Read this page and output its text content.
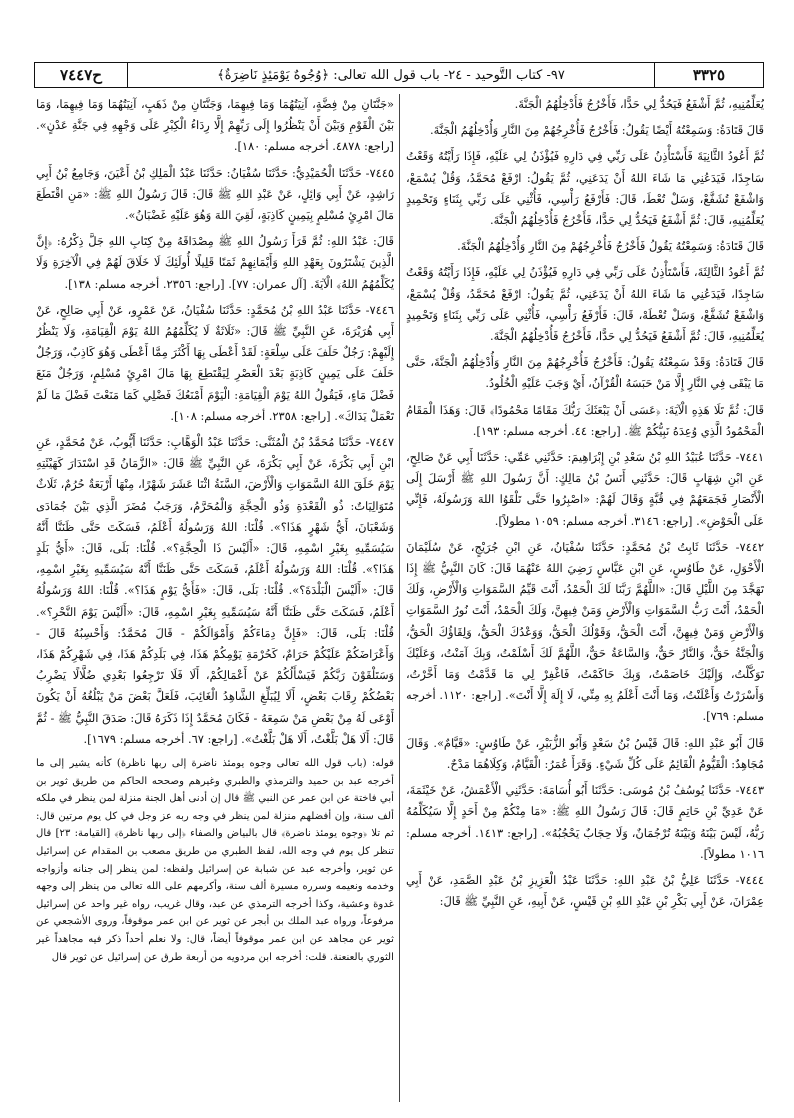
٣٣٢٥
٩٧- كتاب التَّوحيد - ٢٤- باب قول الله تعالى: ﴿وُجُوهٌ يَوْمَئِذٍ نَاضِرَةٌ﴾
ح٧٤٤٧

يُعَلِّمُنِيهِ، ثُمَّ أَشْفَعُ فَيَحُدُّ لِي حَدًّا، فَأَخْرُجُ فَأُدْخِلُهُمُ الْجَنَّةَ.

قَالَ قَتَادَةُ: وَسَمِعْتُهُ أَيْضًا يَقُولُ: فَأَخْرُجُ فَأُخْرِجُهُمْ مِنَ النَّارِ وَأُدْخِلُهُمُ الْجَنَّةَ.

ثُمَّ أَعُودُ الثَّانِيَةَ فَأَسْتَأْذِنُ عَلَى رَبِّي فِي دَارِهِ فَيُؤْذَنُ لِي عَلَيْهِ، فَإِذَا رَأَيْتُهُ وَقَعْتُ سَاجِدًا، فَيَدَعُنِي مَا شَاءَ اللهُ أَنْ يَدَعَنِي، ثُمَّ يَقُولُ: ارْفَعْ مُحَمَّدُ، وَقُلْ يُسْمَعْ، وَاشْفَعْ تُشَفَّعْ، وَسَلْ تُعْطَ، قَالَ: فَأَرْفَعُ رَأْسِي، فَأُثْنِي عَلَى رَبِّي بِثَنَاءٍ وَتَحْمِيدٍ يُعَلِّمُنِيهِ، قَالَ: ثُمَّ أَشْفَعُ فَيَحُدُّ لِي حَدًّا، فَأَخْرُجُ فَأُدْخِلُهُمُ الْجَنَّةَ.

قَالَ قَتَادَةُ: وَسَمِعْتُهُ يَقُولُ فَأَخْرُجُ فَأُخْرِجُهُمْ مِنَ النَّارِ وَأُدْخِلُهُمُ الْجَنَّةَ.

ثُمَّ أَعُودُ الثَّالِثَةَ، فَأَسْتَأْذِنُ عَلَى رَبِّي فِي دَارِهِ فَيُؤْذَنُ لِي عَلَيْهِ، فَإِذَا رَأَيْتُهُ وَقَعْتُ سَاجِدًا، فَيَدَعُنِي مَا شَاءَ اللهُ أَنْ يَدَعَنِي، ثُمَّ يَقُولُ: ارْفَعْ مُحَمَّدُ، وَقُلْ يُسْمَعْ، وَاشْفَعْ تُشَفَّعْ، وَسَلْ تُعْطَهْ، قَالَ: فَأَرْفَعُ رَأْسِي، فَأُثْنِي عَلَى رَبِّي بِثَنَاءٍ وَتَحْمِيدٍ يُعَلِّمُنِيهِ، قَالَ: ثُمَّ أَشْفَعُ فَيَحُدُّ لِي حَدًّا، فَأَخْرُجُ فَأُدْخِلُهُمُ الْجَنَّةَ.

قَالَ قَتَادَةُ: وَقَدْ سَمِعْتُهُ يَقُولُ: فَأَخْرُجُ فَأُخْرِجُهُمْ مِنَ النَّارِ وَأُدْخِلُهُمُ الْجَنَّةَ، حَتَّى مَا يَبْقَى فِي النَّارِ إِلَّا مَنْ حَبَسَهُ الْقُرْآنُ، أَيْ وَجَبَ عَلَيْهِ الْخُلُودُ.

قَالَ: ثُمَّ تَلَا هَذِهِ الْآيَةَ: ﴿عَسَى أَنْ يَبْعَثَكَ رَبُّكَ مَقَامًا مَحْمُودًا﴾ قَالَ: وَهَذَا الْمَقَامُ الْمَحْمُودُ الَّذِي وُعِدَهُ نَبِيُّكُمْ ﷺ. [راجع: ٤٤. أخرجه مسلم: ١٩٣].

٧٤٤١- حَدَّثَنَا عُبَيْدُ اللهِ بْنُ سَعْدِ بْنِ إِبْرَاهِيمَ: حَدَّثَنِي عَمِّي: حَدَّثَنَا أَبِي عَنْ صَالِحٍ، عَنِ ابْنِ شِهَابٍ قَالَ: حَدَّثَنِي أَنَسُ بْنُ مَالِكٍ: أَنَّ رَسُولَ اللهِ ﷺ أَرْسَلَ إِلَى الْأَنْصَارِ فَجَمَعَهُمْ فِي قُبَّةٍ وَقَالَ لَهُمْ: «اصْبِرُوا حَتَّى تَلْقَوُا اللهَ وَرَسُولَهُ، فَإِنِّي عَلَى الْحَوْضِ». [راجع: ٣١٤٦. أخرجه مسلم: ١٠٥٩ مطولاً].

٧٤٤٢- حَدَّثَنَا ثَابِتُ بْنُ مُحَمَّدٍ: حَدَّثَنَا سُفْيَانُ، عَنِ ابْنِ جُرَيْجٍ، عَنْ سُلَيْمَانَ الْأَحْوَلِ، عَنْ طَاوُسٍ، عَنِ ابْنِ عَبَّاسٍ رَضِيَ اللهُ عَنْهُمَا قَالَ: كَانَ النَّبِيُّ ﷺ إِذَا تَهَجَّدَ مِنَ اللَّيْلِ قَالَ: «اللَّهُمَّ رَبَّنَا لَكَ الْحَمْدُ، أَنْتَ قَيِّمُ السَّمَوَاتِ وَالْأَرْضِ، وَلَكَ الْحَمْدُ، أَنْتَ رَبُّ السَّمَوَاتِ وَالْأَرْضِ وَمَنْ فِيهِنَّ، وَلَكَ الْحَمْدُ، أَنْتَ نُورُ السَّمَوَاتِ وَالْأَرْضِ وَمَنْ فِيهِنَّ، أَنْتَ الْحَقُّ، وَقَوْلُكَ الْحَقُّ، وَوَعْدُكَ الْحَقُّ، وَلِقَاؤُكَ الْحَقُّ، وَالْجَنَّةُ حَقٌّ، وَالنَّارُ حَقٌّ، وَالسَّاعَةُ حَقٌّ، اللَّهُمَّ لَكَ أَسْلَمْتُ، وَبِكَ آمَنْتُ، وَعَلَيْكَ تَوَكَّلْتُ، وَإِلَيْكَ خَاصَمْتُ، وَبِكَ حَاكَمْتُ، فَاغْفِرْ لِي مَا قَدَّمْتُ وَمَا أَخَّرْتُ، وَأَسْرَرْتُ وَأَعْلَنْتُ، وَمَا أَنْتَ أَعْلَمُ بِهِ مِنِّي، لَا إِلَهَ إِلَّا أَنْتَ». [راجع: ١١٢٠. أخرجه مسلم: ٧٦٩].

قَالَ أَبُو عَبْدِ اللهِ: قَالَ قَيْسُ بْنُ سَعْدٍ وَأَبُو الزُّبَيْرِ، عَنْ طَاوُسٍ: «قَيَّامٌ». وَقَالَ مُجَاهِدٌ: الْقَيُّومُ الْقَائِمُ عَلَى كُلِّ شَيْءٍ. وَقَرَأَ عُمَرُ: الْقَيَّامُ، وَكِلَاهُمَا مَدْحٌ.

٧٤٤٣- حَدَّثَنَا يُوسُفُ بْنُ مُوسَى: حَدَّثَنَا أَبُو أُسَامَةَ: حَدَّثَنِي الْأَعْمَشُ، عَنْ خَيْثَمَةَ، عَنْ عَدِيِّ بْنِ حَاتِمٍ قَالَ: قَالَ رَسُولُ اللهِ ﷺ: «مَا مِنْكُمْ مِنْ أَحَدٍ إِلَّا سَيُكَلِّمُهُ رَبُّهُ، لَيْسَ بَيْنَهُ وَبَيْنَهُ تُرْجُمَانٌ، وَلَا حِجَابٌ يَحْجُبُهُ». [راجع: ١٤١٣. أخرجه مسلم: ١٠١٦ مطولاً].

٧٤٤٤- حَدَّثَنَا عَلِيُّ بْنُ عَبْدِ اللهِ: حَدَّثَنَا عَبْدُ الْعَزِيزِ بْنُ عَبْدِ الصَّمَدِ، عَنْ أَبِي عِمْرَانَ، عَنْ أَبِي بَكْرِ بْنِ عَبْدِ اللهِ بْنِ قَيْسٍ، عَنْ أَبِيهِ، عَنِ النَّبِيِّ ﷺ قَالَ:

«جَنَّتَانِ مِنْ فِضَّةٍ، آنِيَتُهُمَا وَمَا فِيهِمَا، وَجَنَّتَانِ مِنْ ذَهَبٍ، آنِيَتُهُمَا وَمَا فِيهِمَا، وَمَا بَيْنَ الْقَوْمِ وَبَيْنَ أَنْ يَنْظُرُوا إِلَى رَبِّهِمْ إِلَّا رِدَاءُ الْكِبْرِ عَلَى وَجْهِهِ فِي جَنَّةِ عَدْنٍ». [راجع: ٤٨٧٨. أخرجه مسلم: ١٨٠].

٧٤٤٥- حَدَّثَنَا الْحُمَيْدِيُّ: حَدَّثَنَا سُفْيَانُ: حَدَّثَنَا عَبْدُ الْمَلِكِ بْنُ أَعْيَنَ، وَجَامِعُ بْنُ أَبِي رَاشِدٍ، عَنْ أَبِي وَائِلٍ، عَنْ عَبْدِ اللهِ ﷺ قَالَ: قَالَ رَسُولُ اللهِ ﷺ: «مَنِ اقْتَطَعَ مَالَ امْرِئٍ مُسْلِمٍ بِيَمِينٍ كَاذِبَةٍ، لَقِيَ اللهَ وَهُوَ عَلَيْهِ غَضْبَانُ».

قَالَ: عَبْدُ اللهِ: ثُمَّ قَرَأَ رَسُولُ اللهِ ﷺ مِصْدَاقَهُ مِنْ كِتَابِ اللهِ جَلَّ ذِكْرُهُ: ﴿إِنَّ الَّذِينَ يَشْتَرُونَ بِعَهْدِ اللهِ وَأَيْمَانِهِمْ ثَمَنًا قَلِيلًا أُولَئِكَ لَا خَلَاقَ لَهُمْ فِي الْآخِرَةِ وَلَا يُكَلِّمُهُمُ اللهُ﴾ الْآيَةَ. [آل عمران: ٧٧]. [راجع: ٢٣٥٦. أخرجه مسلم: ١٣٨].

٧٤٤٦- حَدَّثَنَا عَبْدُ اللهِ بْنُ مُحَمَّدٍ: حَدَّثَنَا سُفْيَانُ، عَنْ عَمْرٍو، عَنْ أَبِي صَالِحٍ، عَنْ أَبِي هُرَيْرَةَ، عَنِ النَّبِيِّ ﷺ قَالَ: «ثَلَاثَةٌ لَا يُكَلِّمُهُمُ اللهُ يَوْمَ الْقِيَامَةِ، وَلَا يَنْظُرُ إِلَيْهِمْ: رَجُلٌ حَلَفَ عَلَى سِلْعَةٍ: لَقَدْ أَعْطَى بِهَا أَكْثَرَ مِمَّا أَعْطَى وَهُوَ كَاذِبٌ، وَرَجُلٌ حَلَفَ عَلَى يَمِينٍ كَاذِبَةٍ بَعْدَ الْعَصْرِ لِيَقْتَطِعَ بِهَا مَالَ امْرِئٍ مُسْلِمٍ، وَرَجُلٌ مَنَعَ فَضْلَ مَاءٍ، فَيَقُولُ اللهُ يَوْمَ الْقِيَامَةِ: الْيَوْمَ أَمْنَعُكَ فَضْلِي كَمَا مَنَعْتَ فَضْلَ مَا لَمْ تَعْمَلْ يَدَاكَ». [راجع: ٢٣٥٨. أخرجه مسلم: ١٠٨].

٧٤٤٧- حَدَّثَنَا مُحَمَّدُ بْنُ الْمُثَنَّى: حَدَّثَنَا عَبْدُ الْوَهَّابِ: حَدَّثَنَا أَيُّوبُ، عَنْ مُحَمَّدٍ، عَنِ ابْنِ أَبِي بَكْرَةَ، عَنْ أَبِي بَكْرَةَ، عَنِ النَّبِيِّ ﷺ قَالَ: «الزَّمَانُ قَدِ اسْتَدَارَ كَهَيْئَتِهِ يَوْمَ خَلَقَ اللهُ السَّمَوَاتِ وَالْأَرْضَ، السَّنَةُ اثْنَا عَشَرَ شَهْرًا، مِنْهَا أَرْبَعَةٌ حُرُمٌ، ثَلَاثٌ مُتَوَالِيَاتٌ: ذُو الْقَعْدَةِ وَذُو الْحِجَّةِ وَالْمُحَرَّمُ، وَرَجَبُ مُضَرَ الَّذِي بَيْنَ جُمَادَى وَشَعْبَانَ، أَيُّ شَهْرٍ هَذَا؟». قُلْنَا: اللهُ وَرَسُولُهُ أَعْلَمُ، فَسَكَتَ حَتَّى ظَنَنَّا أَنَّهُ سَيُسَمِّيهِ بِغَيْرِ اسْمِهِ، قَالَ: «أَلَيْسَ ذَا الْحِجَّةِ؟». قُلْنَا: بَلَى، قَالَ: «أَيُّ بَلَدٍ هَذَا؟». قُلْنَا: اللهُ وَرَسُولُهُ أَعْلَمُ، فَسَكَتَ حَتَّى ظَنَنَّا أَنَّهُ سَيُسَمِّيهِ بِغَيْرِ اسْمِهِ، قَالَ: «أَلَيْسَ الْبَلْدَةَ؟». قُلْنَا: بَلَى، قَالَ: «فَأَيُّ يَوْمٍ هَذَا؟». قُلْنَا: اللهُ وَرَسُولُهُ أَعْلَمُ، فَسَكَتَ حَتَّى ظَنَنَّا أَنَّهُ سَيُسَمِّيهِ بِغَيْرِ اسْمِهِ، قَالَ: «أَلَيْسَ يَوْمَ النَّحْرِ؟». قُلْنَا: بَلَى، قَالَ: «فَإِنَّ دِمَاءَكُمْ وَأَمْوَالَكُمْ - قَالَ مُحَمَّدٌ: وَأَحْسِبُهُ قَالَ - وَأَعْرَاضَكُمْ عَلَيْكُمْ حَرَامٌ، كَحُرْمَةِ يَوْمِكُمْ هَذَا، فِي بَلَدِكُمْ هَذَا، فِي شَهْرِكُمْ هَذَا، وَسَتَلْقَوْنَ رَبَّكُمْ فَيَسْأَلُكُمْ عَنْ أَعْمَالِكُمْ، أَلَا فَلَا تَرْجِعُوا بَعْدِي ضُلَّالًا يَضْرِبُ بَعْضُكُمْ رِقَابَ بَعْضٍ، أَلَا لِيُبَلِّغِ الشَّاهِدُ الْغَائِبَ، فَلَعَلَّ بَعْضَ مَنْ يَبْلُغُهُ أَنْ يَكُونَ أَوْعَى لَهُ مِنْ بَعْضِ مَنْ سَمِعَهُ - فَكَانَ مُحَمَّدٌ إِذَا ذَكَرَهُ قَالَ: صَدَقَ النَّبِيُّ ﷺ - ثُمَّ قَالَ: أَلَا هَلْ بَلَّغْتُ، أَلَا هَلْ بَلَّغْتُ». [راجع: ٦٧. أخرجه مسلم: ١٦٧٩].

قوله: (باب قول الله تعالى وجوه يومئذ ناضرة إلى ربها ناظرة) كأنه يشير إلى ما أخرجه عبد بن حميد والترمذي والطبري وغيرهم وصححه الحاكم من طريق ثوير بن أبي فاختة عن ابن عمر عن النبي ﷺ قال إن أدنى أهل الجنة منزلة لمن ينظر في ملكه ألف سنة، وإن أفضلهم منزلة لمن ينظر في وجه ربه عز وجل في كل يوم مرتين قال: ثم تلا ﴿وجوه يومئذ ناضرة﴾ قال بالبياض والصفاء ﴿إلى ربها ناظرة﴾ [القيامة: ٢٣] قال تنظر كل يوم في وجه الله، لفظ الطبري من طريق مصعب بن المقدام عن إسرائيل عن ثوير، وأخرجه عبد عن شبابة عن إسرائيل ولفظه: لمن ينظر إلى جنانه وأزواجه وخدمه ونعيمه وسرره مسيرة ألف سنة، وأكرمهم على الله تعالى من ينظر إلى وجهه غدوة وعشية، وكذا أخرجه الترمذي عن عبد، وقال غريب، رواه غير واحد عن إسرائيل مرفوعاً، ورواه عبد الملك بن أبجر عن ثوير عن ابن عمر موقوفاً، وروى الأشجعي عن ثوير عن مجاهد عن ابن عمر موقوفاً أيضاً، قال: ولا نعلم أحداً ذكر فيه مجاهداً غير الثوري بالعنعنة. قلت: أخرجه ابن مردويه من أربعة طرق عن إسرائيل عن ثوير قال
